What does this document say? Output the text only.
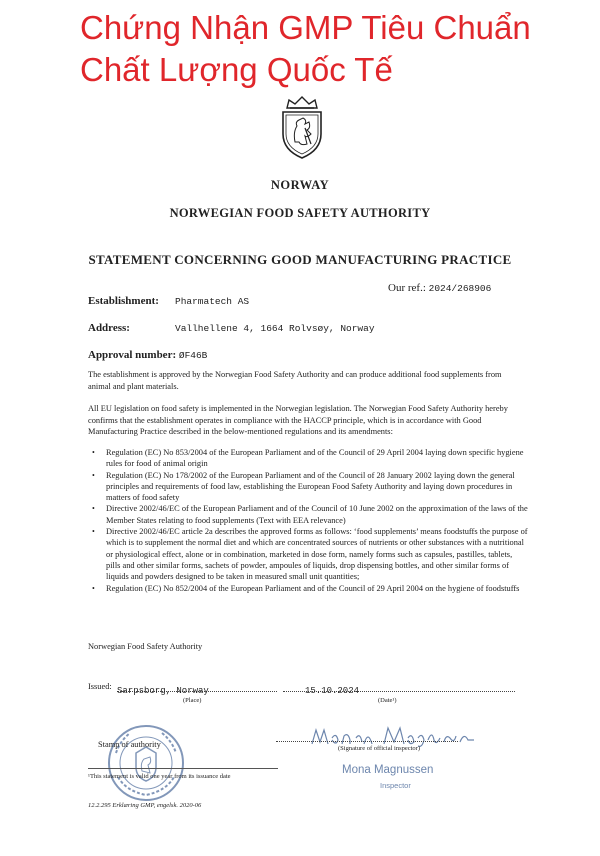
Chứng Nhận GMP Tiêu Chuẩn
Chất Lượng Quốc Tế
NORWAY
NORWEGIAN FOOD SAFETY AUTHORITY
STATEMENT CONCERNING GOOD MANUFACTURING PRACTICE
Our ref.: 2024/268906
Establishment: Pharmatech AS
Address:	Vallhellene 4, 1664 Rolvsøy, Norway
Approval number: ØF46B
The establishment is approved by the Norwegian Food Safety Authority and can produce additional food supplements from animal and plant materials.
All EU legislation on food safety is implemented in the Norwegian legislation. The Norwegian Food Safety Authority hereby confirms that the establishment operates in compliance with the HACCP principle, which is in accordance with Good Manufacturing Practice described in the below-mentioned regulations and its amendments:
• Regulation (EC) No 853/2004 of the European Parliament and of the Council of 29 April 2004 laying down specific hygiene rules for food of animal origin
• Regulation (EC) No 178/2002 of the European Parliament and of the Council of 28 January 2002 laying down the general principles and requirements of food law, establishing the European Food Safety Authority and laying down procedures in matters of food safety
• Directive 2002/46/EC of the European Parliament and of the Council of 10 June 2002 on the approximation of the laws of the Member States relating to food supplements (Text with EEA relevance)
• Directive 2002/46/EC article 2a describes the approved forms as follows: ‘food supplements’ means foodstuffs the purpose of which is to supplement the normal diet and which are concentrated sources of nutrients or other substances with a nutritional or physiological effect, alone or in combination, marketed in dose form, namely forms such as capsules, pastilles, tablets, pills and other similar forms, sachets of powder, ampoules of liquids, drop dispensing bottles, and other similar forms of liquids and powders designed to be taken in measured small unit quantities;
• Regulation (EC) No 852/2004 of the European Parliament and of the Council of 29 April 2004 on the hygiene of foodstuffs
Norwegian Food Safety Authority
Issued: Sarpsborg, Norway	15.10.2024
(Place)	(Date¹)
Stamp of authority	(Signature of official inspector)
Mona Magnussen
Inspector
¹This statement is valid one year from its issuance date
12.2.295 Erklæring GMP, engelsk. 2020-06
